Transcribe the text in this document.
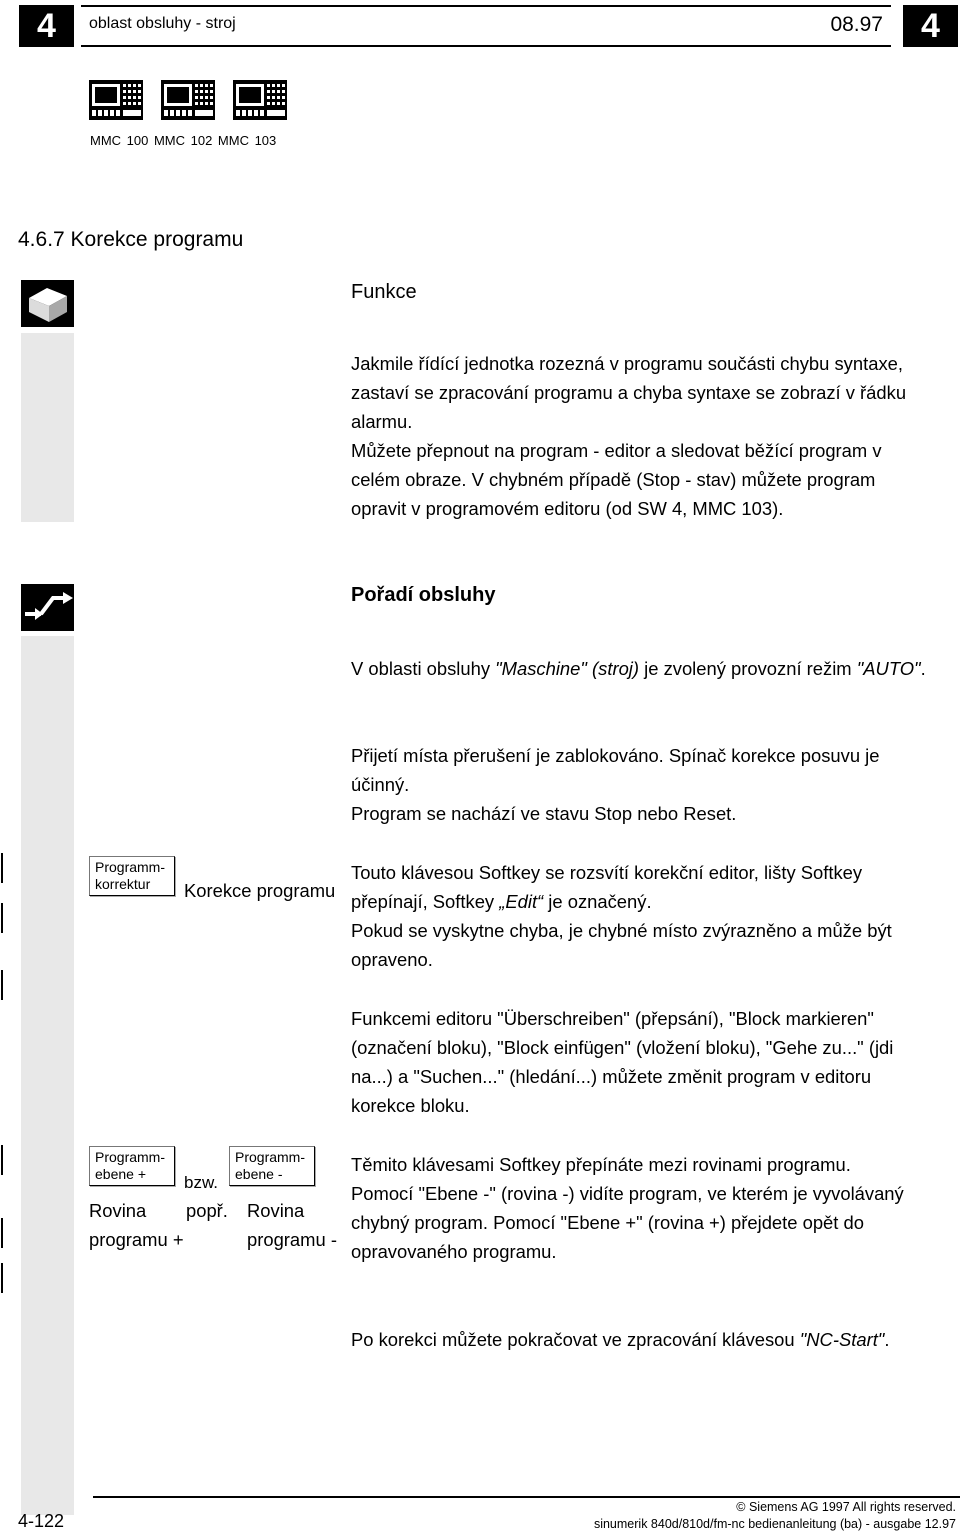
4	oblast obsluhy - stroj	08.97	4
MMC 100 MMC 102 MMC 103
4.6.7 Korekce programu
Funkce
Jakmile řídící jednotka rozezná v programu součásti chybu syntaxe,
zastaví se zpracování programu a chyba syntaxe se zobrazí v řádku
alarmu.
Můžete přepnout na program - editor a sledovat běžící program v
celém obraze. V chybném případě (Stop - stav) můžete program
opravit v programovém editoru (od SW 4, MMC 103).
Pořadí obsluhy
V oblasti obsluhy "Maschine" (stroj) je zvolený provozní režim "AUTO".
Přijetí místa přerušení je zablokováno. Spínač korekce posuvu je
účinný.
Program se nachází ve stavu Stop nebo Reset.
Programm-
korrektur	Korekce programu
Touto klávesou Softkey se rozsvítí korekční editor, lišty Softkey
přepínají, Softkey „Edit“ je označený.
Pokud se vyskytne chyba, je chybné místo zvýrazněno a může být
opraveno.
Funkcemi editoru "Überschreiben" (přepsání), "Block markieren"
(označení bloku), "Block einfügen" (vložení bloku), "Gehe zu..." (jdi
na...) a "Suchen..." (hledání...) můžete změnit program v editoru
korekce bloku.
Programm-
ebene +	bzw.
Programm-
ebene -
Rovina
programu +
popř. Rovina
programu -
Těmito klávesami Softkey přepínáte mezi rovinami programu.
Pomocí "Ebene -" (rovina -) vidíte program, ve kterém je vyvolávaný
chybný program. Pomocí "Ebene +" (rovina +) přejdete opět do
opravovaného programu.
Po korekci můžete pokračovat ve zpracování klávesou "NC-Start".
4-122
© Siemens AG 1997 All rights reserved.
sinumerik 840d/810d/fm-nc bedienanleitung (ba) - ausgabe 12.97
